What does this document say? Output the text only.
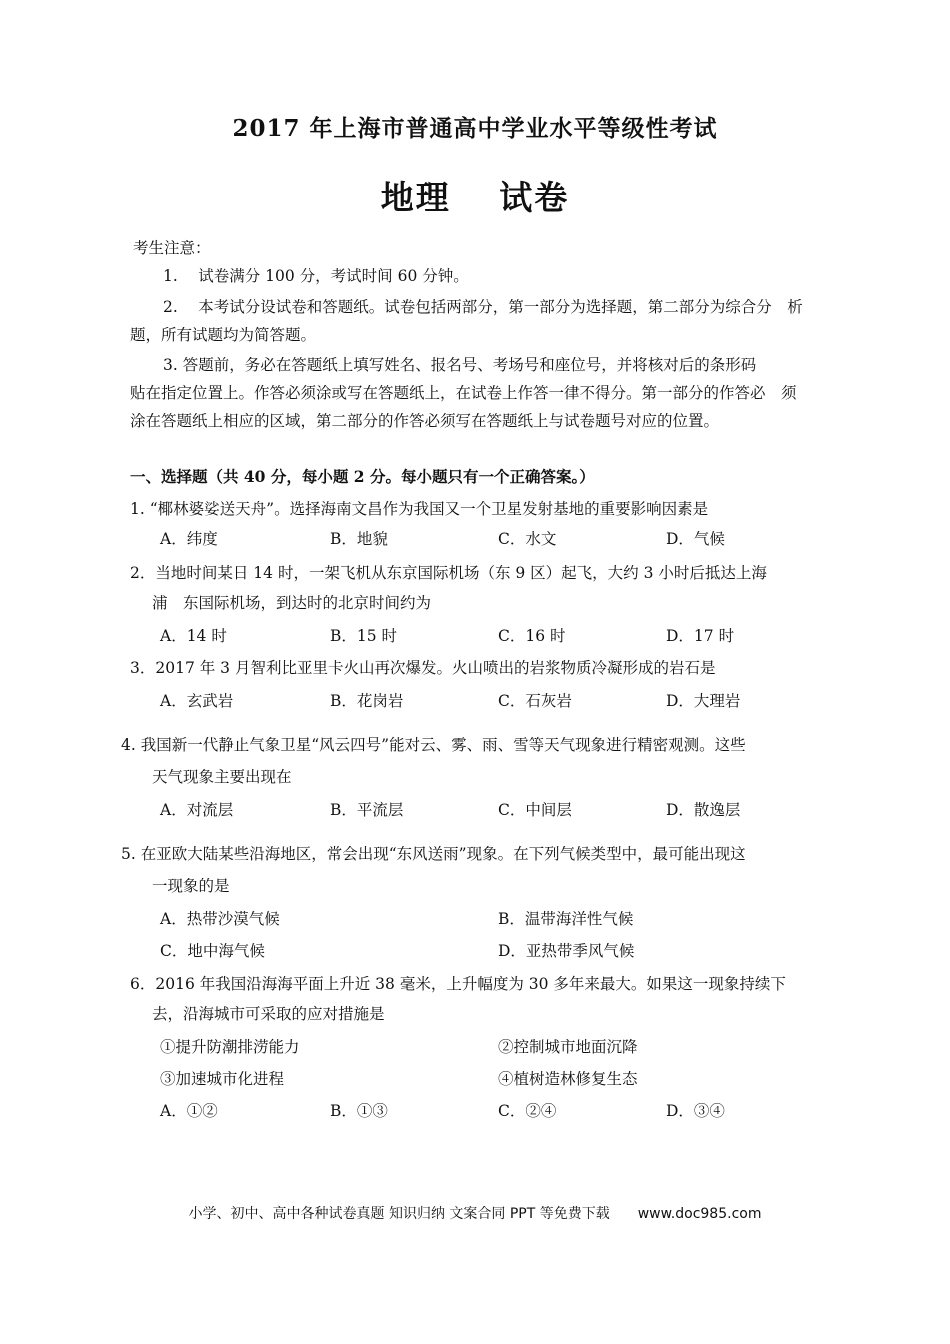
2017 年上海市普通高中学业水平等级性考试
地理　 试卷
考生注意：
1.　 试卷满分 100 分，考试时间 60 分钟。
2.　 本考试分设试卷和答题纸。试卷包括两部分，第一部分为选择题，第二部分为综合分　析
题，所有试题均为简答题。
3. 答题前，务必在答题纸上填写姓名、报名号、考场号和座位号，并将核对后的条形码
贴在指定位置上。作答必须涂或写在答题纸上，在试卷上作答一律不得分。第一部分的作答必　须
涂在答题纸上相应的区域，第二部分的作答必须写在答题纸上与试卷题号对应的位置。
一、选择题（共 40 分，每小题 2 分。每小题只有一个正确答案。）
1. “椰林婆娑送天舟”。选择海南文昌作为我国又一个卫星发射基地的重要影响因素是
A．纬度	B．地貌	C．水文	D．气候
2．当地时间某日 14 时，一架飞机从东京国际机场（东 9 区）起飞，大约 3 小时后抵达上海
浦　东国际机场，到达时的北京时间约为
A．14 时	B．15 时	C．16 时	D．17 时
3．2017 年 3 月智利比亚里卡火山再次爆发。火山喷出的岩浆物质冷凝形成的岩石是
A．玄武岩	B．花岗岩	C．石灰岩	D．大理岩
4. 我国新一代静止气象卫星“风云四号”能对云、雾、雨、雪等天气现象进行精密观测。这些
天气现象主要出现在
A．对流层	B．平流层	C．中间层	D．散逸层
5. 在亚欧大陆某些沿海地区，常会出现“东风送雨”现象。在下列气候类型中，最可能出现这
一现象的是
A．热带沙漠气候	B．温带海洋性气候
C．地中海气候	D．亚热带季风气候
6．2016 年我国沿海海平面上升近 38 毫米，上升幅度为 30 多年来最大。如果这一现象持续下
去，沿海城市可采取的应对措施是
①提升防潮排涝能力	②控制城市地面沉降
③加速城市化进程	④植树造林修复生态
A．①②	B．①③	C．②④	D．③④
小学、初中、高中各种试卷真题 知识归纳 文案合同 PPT 等免费下载　　www.doc985.com
